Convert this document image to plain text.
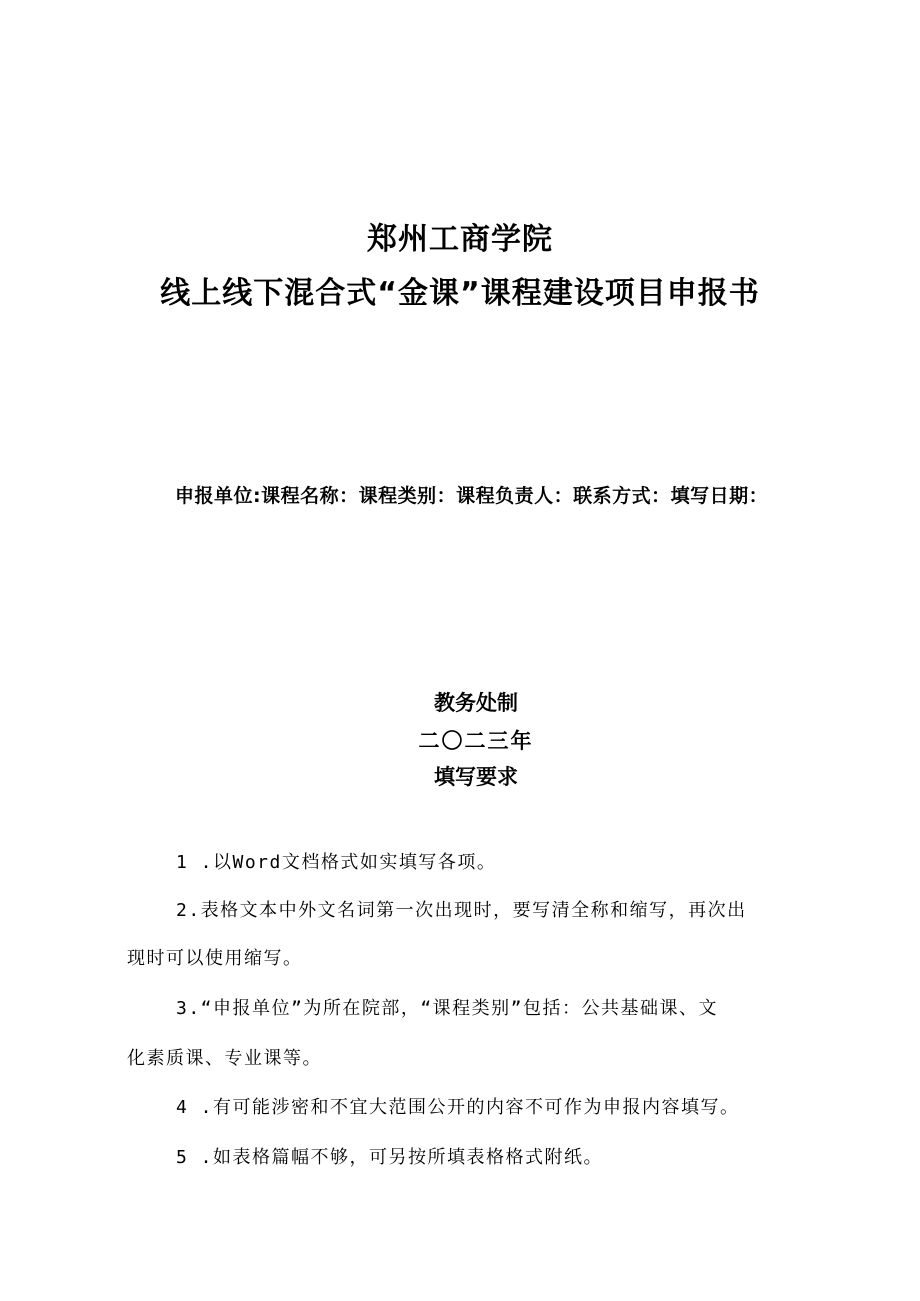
郑州工商学院
线上线下混合式“金课”课程建设项目申报书
申报单位:课程名称：课程类别：课程负责人：联系方式：填写日期：
教务处制
二〇二三年
填写要求
1 .以Word文档格式如实填写各项。
2.表格文本中外文名词第一次出现时，要写清全称和缩写，再次出
现时可以使用缩写。
3.“申报单位”为所在院部，“课程类别”包括：公共基础课、文
化素质课、专业课等。
4 .有可能涉密和不宜大范围公开的内容不可作为申报内容填写。
5 .如表格篇幅不够，可另按所填表格格式附纸。
